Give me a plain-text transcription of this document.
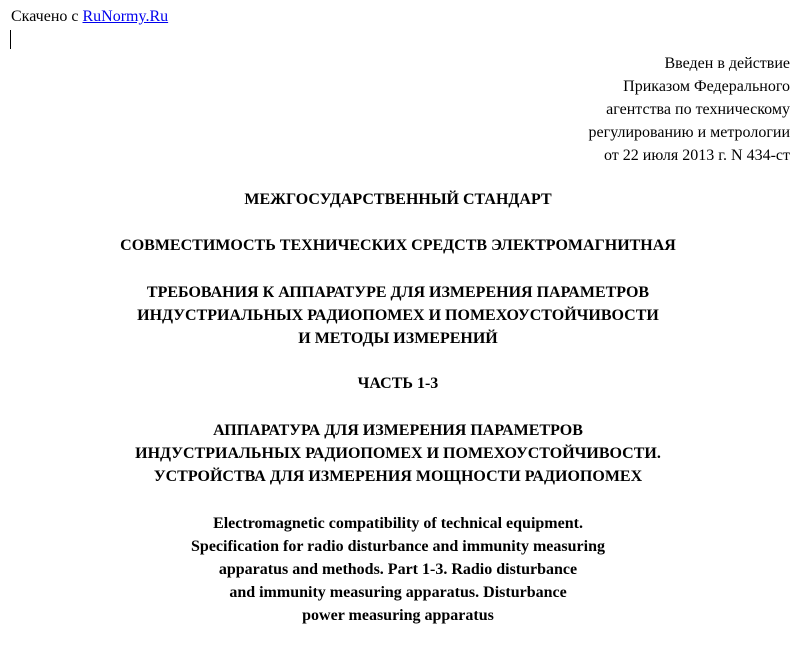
Скачено с RuNormy.Ru
Введен в действие
Приказом Федерального
агентства по техническому
регулированию и метрологии
от 22 июля 2013 г. N 434-ст
МЕЖГОСУДАРСТВЕННЫЙ СТАНДАРТ
СОВМЕСТИМОСТЬ ТЕХНИЧЕСКИХ СРЕДСТВ ЭЛЕКТРОМАГНИТНАЯ
ТРЕБОВАНИЯ К АППАРАТУРЕ ДЛЯ ИЗМЕРЕНИЯ ПАРАМЕТРОВ
ИНДУСТРИАЛЬНЫХ РАДИОПОМЕХ И ПОМЕХОУСТОЙЧИВОСТИ
И МЕТОДЫ ИЗМЕРЕНИЙ
ЧАСТЬ 1-3
АППАРАТУРА ДЛЯ ИЗМЕРЕНИЯ ПАРАМЕТРОВ
ИНДУСТРИАЛЬНЫХ РАДИОПОМЕХ И ПОМЕХОУСТОЙЧИВОСТИ.
УСТРОЙСТВА ДЛЯ ИЗМЕРЕНИЯ МОЩНОСТИ РАДИОПОМЕХ
Electromagnetic compatibility of technical equipment.
Specification for radio disturbance and immunity measuring
apparatus and methods. Part 1-3. Radio disturbance
and immunity measuring apparatus. Disturbance
power measuring apparatus
